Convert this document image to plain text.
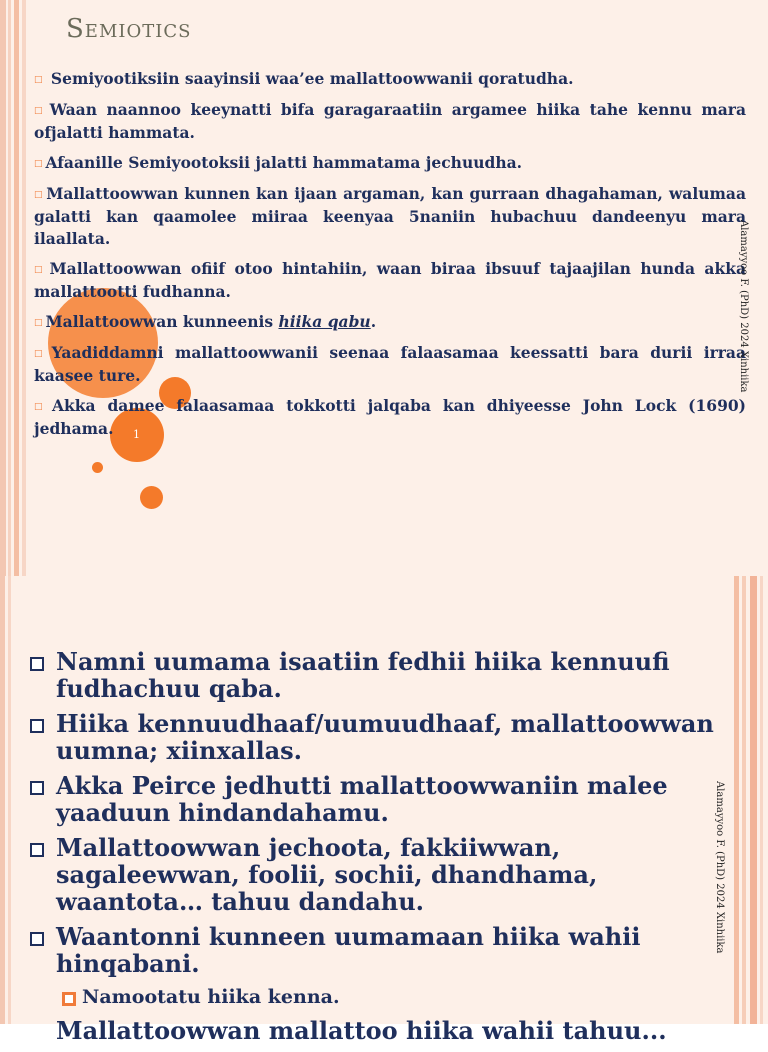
1
Semiotics

□ Semiyootiksiin saayinsii waa’ee mallattoowwanii qoratudha.

□ Waan naannoo keeynatti bifa garagaraatiin argamee hiika tahe kennu mara ofjalatti hammata.

□ Afaanille Semiyootoksii jalatti hammatama jechuudha.

□ Mallattoowwan kunnen kan ijaan argaman, kan gurraan dhagahaman, walumaa galatti kan qaamolee miiraa keenyaa 5naniin hubachuu dandeenyu mara ilaallata.

□ Mallattoowwan ofiif otoo hintahiin, waan biraa ibsuuf tajaajilan hunda akka mallattootti fudhanna.

□ Mallattoowwan kunneenis hiika qabu.

□ Yaadiddamni mallattoowwanii seenaa falaasamaa keessatti bara durii irraa kaasee ture.

□ Akka damee falaasamaa tokkotti jalqaba kan dhiyeesse John Lock (1690) jedhama.

Alamayyoo F. (PhD) 2024 Xinhiika
Namni uumama isaatiin fedhii hiika kennuufi fudhachuu qaba.
Hiika kennuudhaaf/uumuudhaaf, mallattoowwan uumna; xiinxallas.
Akka Peirce jedhutti mallattoowwaniin malee yaaduun hindandahamu.
Mallattoowwan jechoota, fakkiiwwan, sagaleewwan, foolii, sochii, dhandhama, waantota… tahuu dandahu.
Waantonni kunneen uumamaan hiika wahii hinqabani.
Namootatu hiika kenna.
Mallattoowwan mallattoo hiika wahii tahuu...
Alamayyoo F. (PhD) 2024 Xinhiika
